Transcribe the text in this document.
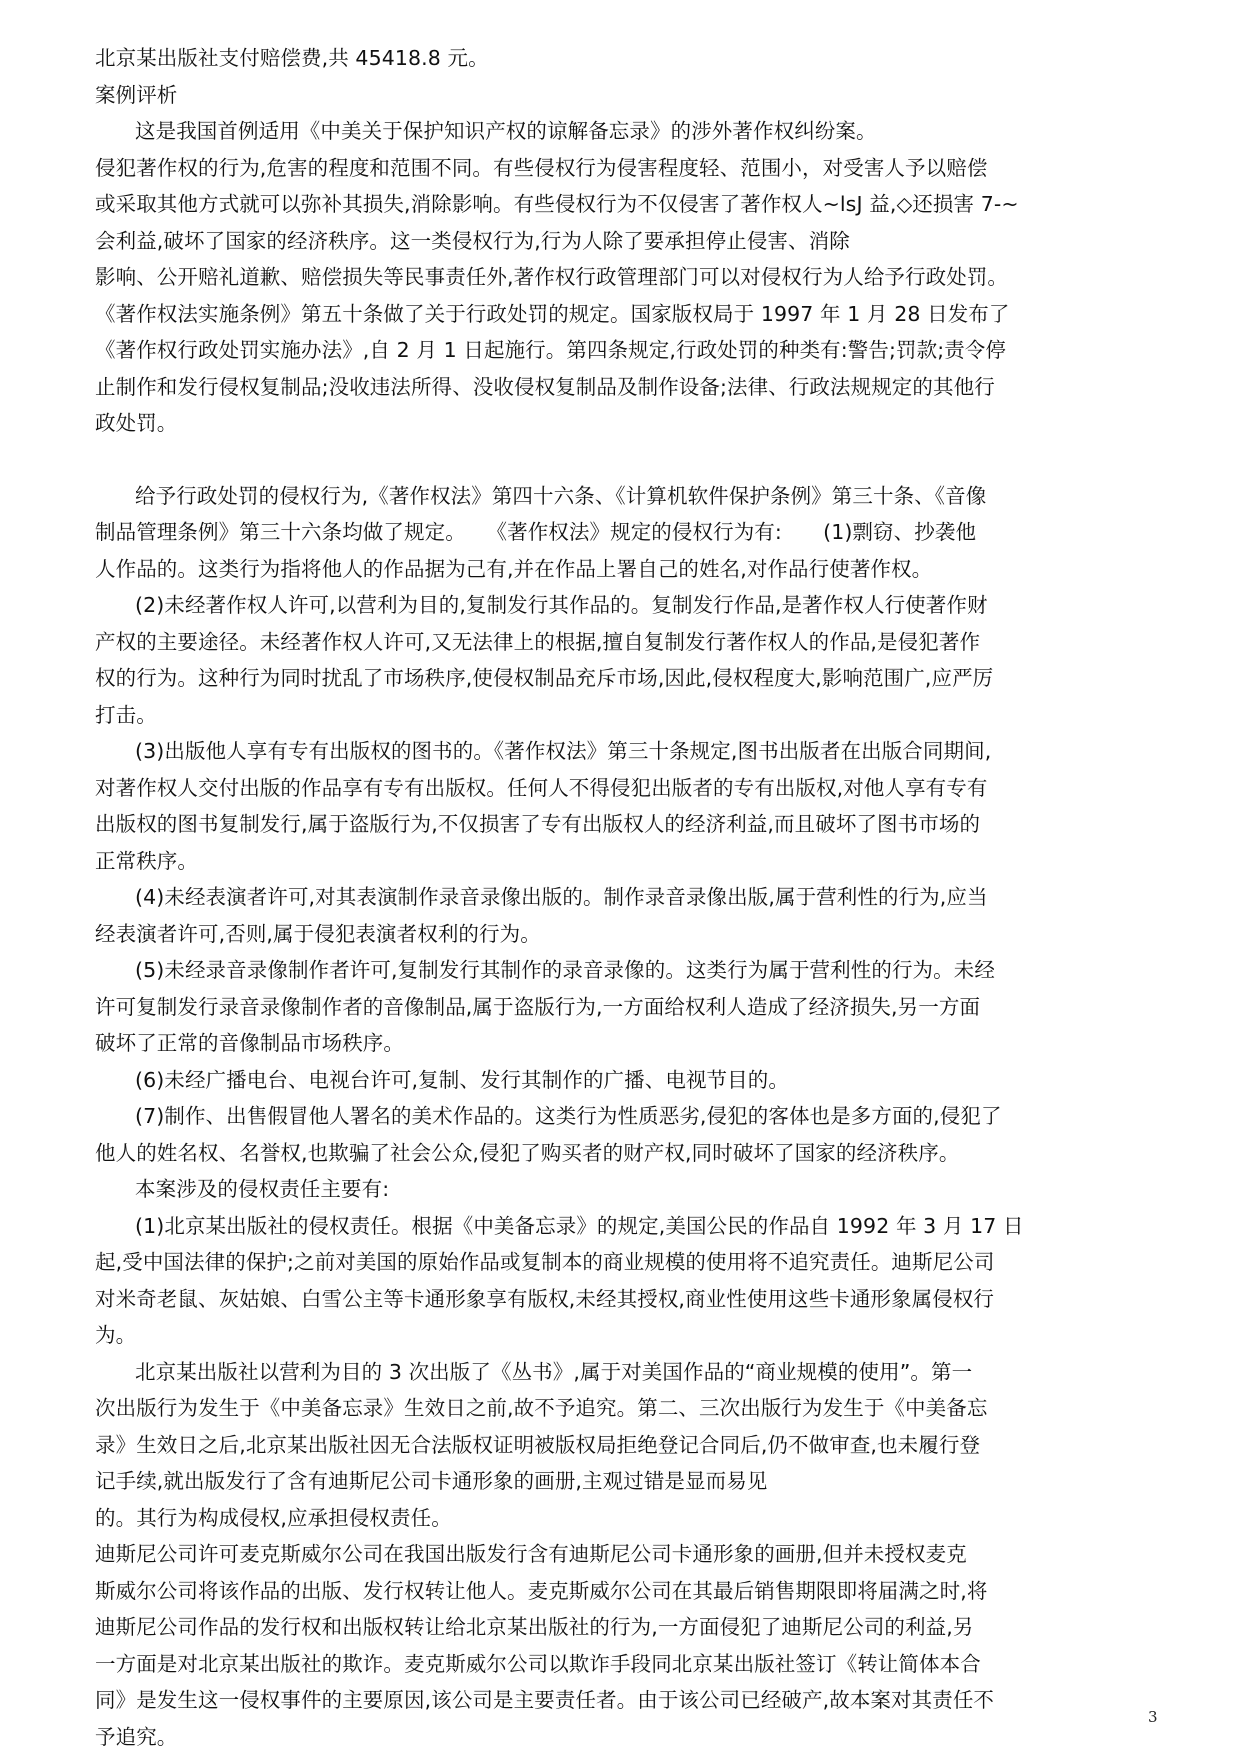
北京某出版社支付赔偿费,共 45418.8 元。
案例评析
这是我国首例适用《中美关于保护知识产权的谅解备忘录》的涉外著作权纠纷案。
侵犯著作权的行为,危害的程度和范围不同。有些侵权行为侵害程度轻、范围小，对受害人予以赔偿
或采取其他方式就可以弥补其损失,消除影响。有些侵权行为不仅侵害了著作权人~lsJ 益,◇还损害 7-~
会利益,破坏了国家的经济秩序。这一类侵权行为,行为人除了要承担停止侵害、消除
影响、公开赔礼道歉、赔偿损失等民事责任外,著作权行政管理部门可以对侵权行为人给予行政处罚。
《著作权法实施条例》第五十条做了关于行政处罚的规定。国家版权局于 1997 年 1 月 28 日发布了
《著作权行政处罚实施办法》,自 2 月 1 日起施行。第四条规定,行政处罚的种类有:警告;罚款;责令停
止制作和发行侵权复制品;没收违法所得、没收侵权复制品及制作设备;法律、行政法规规定的其他行
政处罚。
给予行政处罚的侵权行为,《著作权法》第四十六条、《计算机软件保护条例》第三十条、《音像
制品管理条例》第三十六条均做了规定。　　《著作权法》规定的侵权行为有:　　(1)剽窃、抄袭他
人作品的。这类行为指将他人的作品据为己有,并在作品上署自己的姓名,对作品行使著作权。
(2)未经著作权人许可,以营利为目的,复制发行其作品的。复制发行作品,是著作权人行使著作财
产权的主要途径。未经著作权人许可,又无法律上的根据,擅自复制发行著作权人的作品,是侵犯著作
权的行为。这种行为同时扰乱了市场秩序,使侵权制品充斥市场,因此,侵权程度大,影响范围广,应严厉
打击。
(3)出版他人享有专有出版权的图书的。《著作权法》第三十条规定,图书出版者在出版合同期间,
对著作权人交付出版的作品享有专有出版权。任何人不得侵犯出版者的专有出版权,对他人享有专有
出版权的图书复制发行,属于盗版行为,不仅损害了专有出版权人的经济利益,而且破坏了图书市场的
正常秩序。
(4)未经表演者许可,对其表演制作录音录像出版的。制作录音录像出版,属于营利性的行为,应当
经表演者许可,否则,属于侵犯表演者权利的行为。
(5)未经录音录像制作者许可,复制发行其制作的录音录像的。这类行为属于营利性的行为。未经
许可复制发行录音录像制作者的音像制品,属于盗版行为,一方面给权利人造成了经济损失,另一方面
破坏了正常的音像制品市场秩序。
(6)未经广播电台、电视台许可,复制、发行其制作的广播、电视节目的。
(7)制作、出售假冒他人署名的美术作品的。这类行为性质恶劣,侵犯的客体也是多方面的,侵犯了
他人的姓名权、名誉权,也欺骗了社会公众,侵犯了购买者的财产权,同时破坏了国家的经济秩序。
本案涉及的侵权责任主要有:
(1)北京某出版社的侵权责任。根据《中美备忘录》的规定,美国公民的作品自 1992 年 3 月 17 日
起,受中国法律的保护;之前对美国的原始作品或复制本的商业规模的使用将不追究责任。迪斯尼公司
对米奇老鼠、灰姑娘、白雪公主等卡通形象享有版权,未经其授权,商业性使用这些卡通形象属侵权行
为。
北京某出版社以营利为目的 3 次出版了《丛书》,属于对美国作品的“商业规模的使用”。第一
次出版行为发生于《中美备忘录》生效日之前,故不予追究。第二、三次出版行为发生于《中美备忘
录》生效日之后,北京某出版社因无合法版权证明被版权局拒绝登记合同后,仍不做审查,也未履行登
记手续,就出版发行了含有迪斯尼公司卡通形象的画册,主观过错是显而易见
的。其行为构成侵权,应承担侵权责任。
迪斯尼公司许可麦克斯威尔公司在我国出版发行含有迪斯尼公司卡通形象的画册,但并未授权麦克
斯威尔公司将该作品的出版、发行权转让他人。麦克斯威尔公司在其最后销售期限即将届满之时,将
迪斯尼公司作品的发行权和出版权转让给北京某出版社的行为,一方面侵犯了迪斯尼公司的利益,另
一方面是对北京某出版社的欺诈。麦克斯威尔公司以欺诈手段同北京某出版社签订《转让简体本合
同》是发生这一侵权事件的主要原因,该公司是主要责任者。由于该公司已经破产,故本案对其责任不
予追究。
3
